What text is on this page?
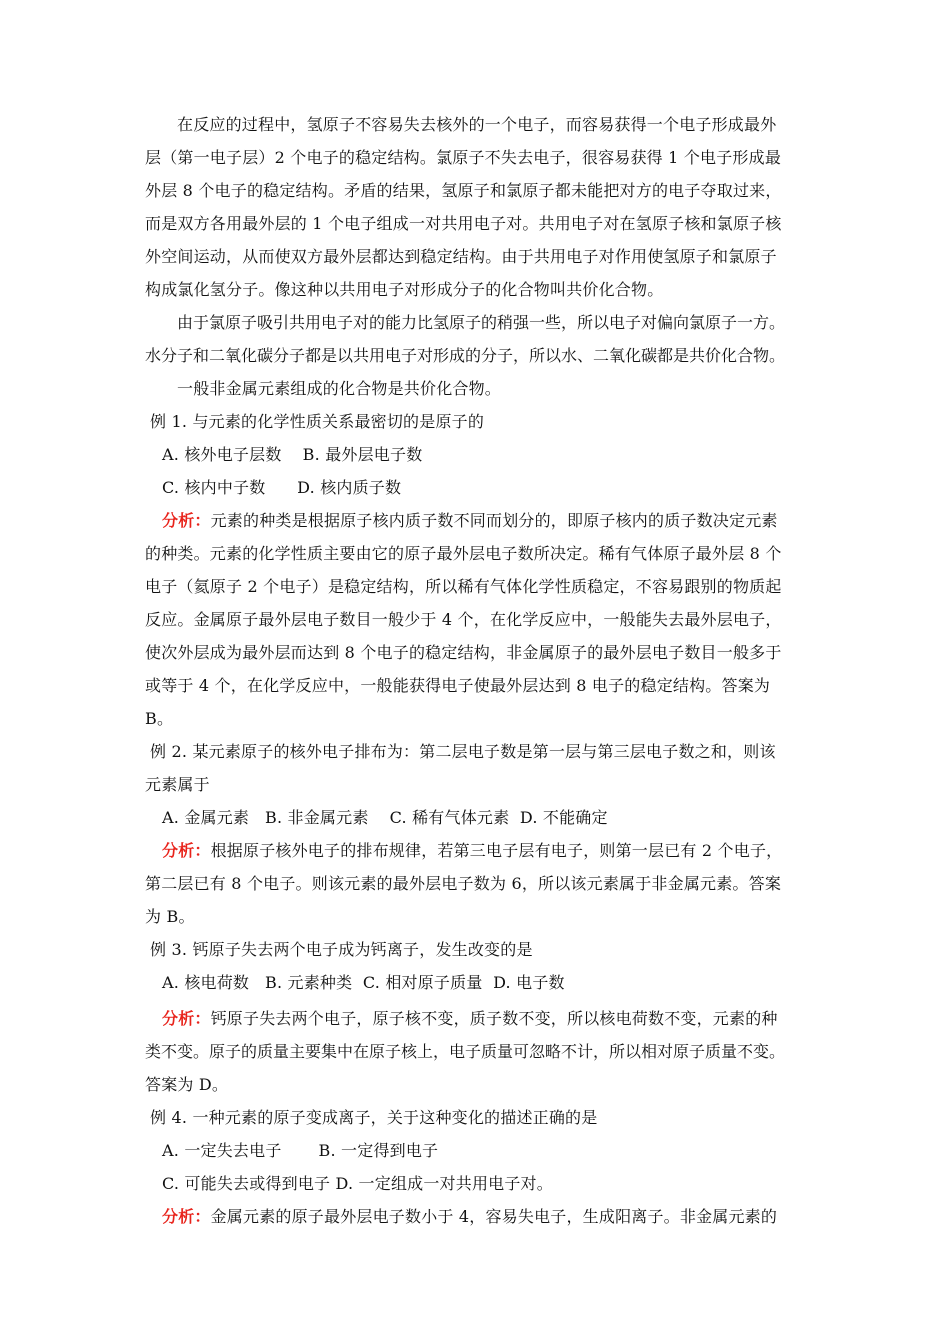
在反应的过程中，氢原子不容易失去核外的一个电子，而容易获得一个电子形成最外
层（第一电子层）2 个电子的稳定结构。氯原子不失去电子，很容易获得 1 个电子形成最
外层 8 个电子的稳定结构。矛盾的结果，氢原子和氯原子都未能把对方的电子夺取过来，
而是双方各用最外层的 1 个电子组成一对共用电子对。共用电子对在氢原子核和氯原子核
外空间运动，从而使双方最外层都达到稳定结构。由于共用电子对作用使氢原子和氯原子
构成氯化氢分子。像这种以共用电子对形成分子的化合物叫共价化合物。
由于氯原子吸引共用电子对的能力比氢原子的稍强一些，所以电子对偏向氯原子一方。
水分子和二氧化碳分子都是以共用电子对形成的分子，所以水、二氧化碳都是共价化合物。
一般非金属元素组成的化合物是共价化合物。
例 1. 与元素的化学性质关系最密切的是原子的
A. 核外电子层数    B. 最外层电子数
C. 核内中子数      D. 核内质子数
分析：元素的种类是根据原子核内质子数不同而划分的，即原子核内的质子数决定元素
的种类。元素的化学性质主要由它的原子最外层电子数所决定。稀有气体原子最外层 8 个
电子（氦原子 2 个电子）是稳定结构，所以稀有气体化学性质稳定，不容易跟别的物质起
反应。金属原子最外层电子数目一般少于 4 个，在化学反应中，一般能失去最外层电子，
使次外层成为最外层而达到 8 个电子的稳定结构，非金属原子的最外层电子数目一般多于
或等于 4 个，在化学反应中，一般能获得电子使最外层达到 8 电子的稳定结构。答案为
B。
例 2. 某元素原子的核外电子排布为：第二层电子数是第一层与第三层电子数之和，则该
元素属于
A. 金属元素   B. 非金属元素    C. 稀有气体元素  D. 不能确定
分析：根据原子核外电子的排布规律，若第三电子层有电子，则第一层已有 2 个电子，
第二层已有 8 个电子。则该元素的最外层电子数为 6，所以该元素属于非金属元素。答案
为 B。
例 3. 钙原子失去两个电子成为钙离子，发生改变的是
A. 核电荷数   B. 元素种类  C. 相对原子质量  D. 电子数
分析：钙原子失去两个电子，原子核不变，质子数不变，所以核电荷数不变，元素的种
类不变。原子的质量主要集中在原子核上，电子质量可忽略不计，所以相对原子质量不变。
答案为 D。
例 4. 一种元素的原子变成离子，关于这种变化的描述正确的是
A. 一定失去电子       B. 一定得到电子
C. 可能失去或得到电子 D. 一定组成一对共用电子对。
分析：金属元素的原子最外层电子数小于 4，容易失电子，生成阳离子。非金属元素的
